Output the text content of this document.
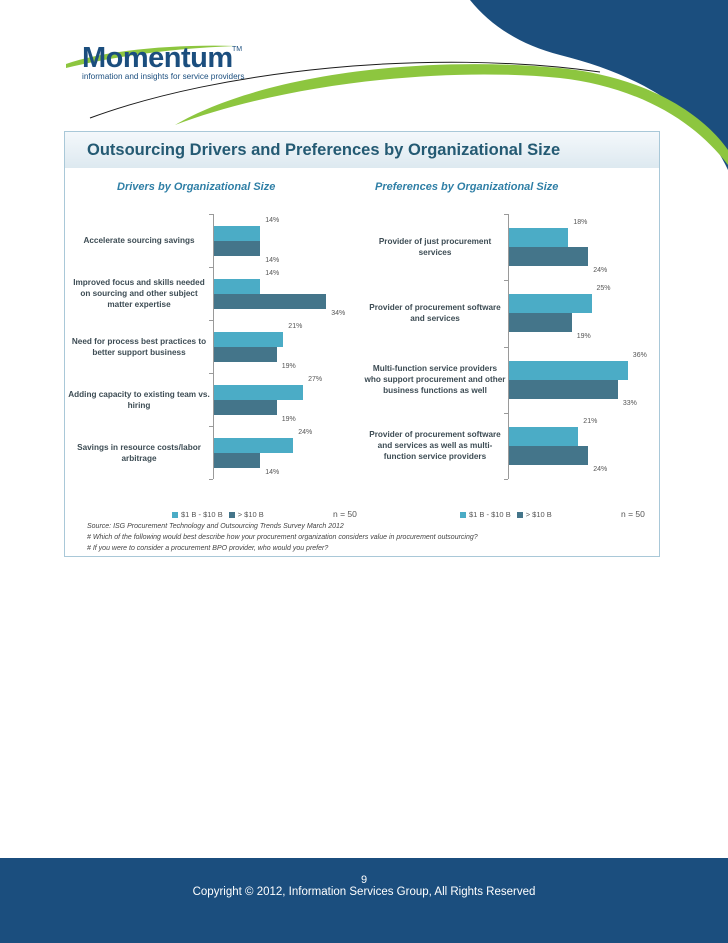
Momentum TM
information and insights for service providers
Outsourcing Drivers and Preferences by Organizational Size
Drivers by Organizational Size	Preferences by Organizational Size
Accelerate sourcing savings
14%
14%
Improved focus and skills needed
on sourcing and other subject
matter expertise
14%
34%
Need for process best practices to
better support business
21%
19%
Adding capacity to existing team vs.
hiring
27%
19%
Savings in resource costs/labor
arbitrage
24%
14%
$1 B - $10 B > $10 B	n = 50
Provider of just procurement
services
18%
24%
Provider of procurement software
and services
25%
19%
Multi-function service providers
who support procurement and other
business functions as well
36%
33%
Provider of procurement software
and services as well as multi-
function service providers
21%
24%
$1 B - $10 B > $10 B	n = 50
Source: ISG Procurement Technology and Outsourcing Trends Survey March 2012
# Which of the following would best describe how your procurement organization considers value in procurement outsourcing?
# If you were to consider a procurement BPO provider, who would you prefer?
9
Copyright © 2012, Information Services Group, All Rights Reserved
